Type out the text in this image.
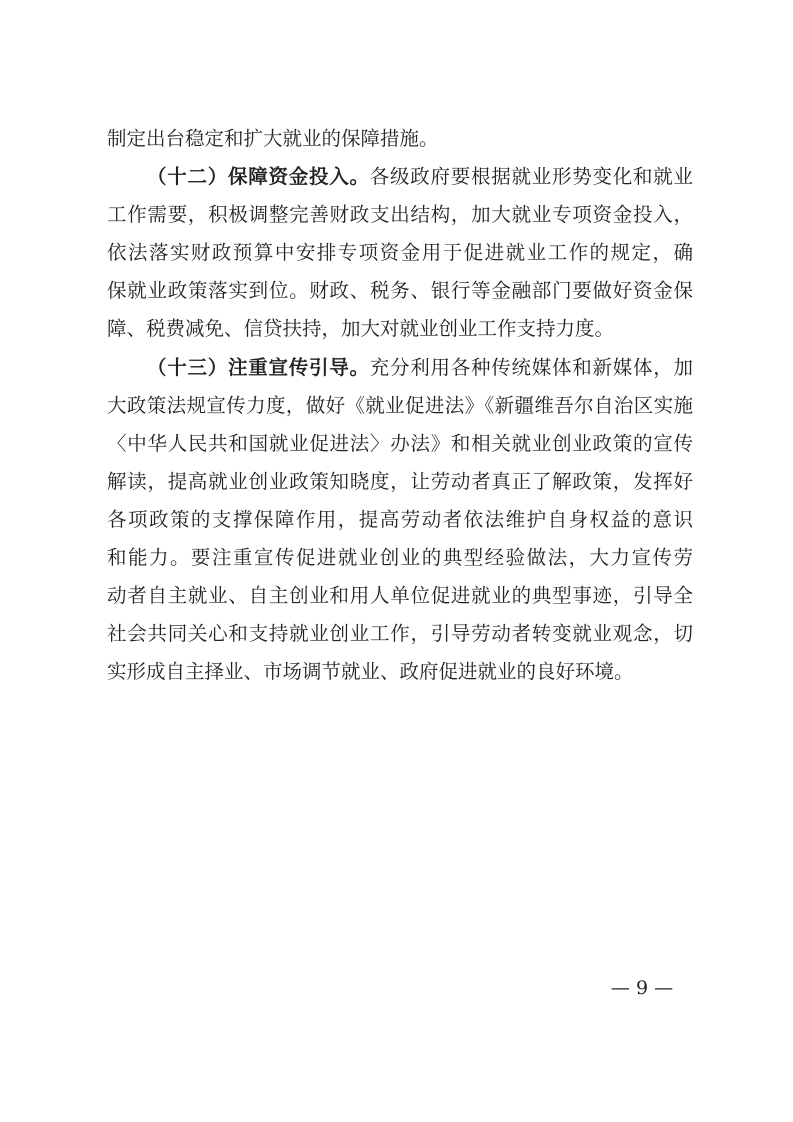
制定出台稳定和扩大就业的保障措施。
（十二）保障资金投入。各级政府要根据就业形势变化和就业
工作需要，积极调整完善财政支出结构，加大就业专项资金投入，
依法落实财政预算中安排专项资金用于促进就业工作的规定，确
保就业政策落实到位。财政、税务、银行等金融部门要做好资金保
障、税费减免、信贷扶持，加大对就业创业工作支持力度。
（十三）注重宣传引导。充分利用各种传统媒体和新媒体，加
大政策法规宣传力度，做好《就业促进法》《新疆维吾尔自治区实施
〈中华人民共和国就业促进法〉办法》和相关就业创业政策的宣传
解读，提高就业创业政策知晓度，让劳动者真正了解政策，发挥好
各项政策的支撑保障作用，提高劳动者依法维护自身权益的意识
和能力。要注重宣传促进就业创业的典型经验做法，大力宣传劳
动者自主就业、自主创业和用人单位促进就业的典型事迹，引导全
社会共同关心和支持就业创业工作，引导劳动者转变就业观念，切
实形成自主择业、市场调节就业、政府促进就业的良好环境。
— 9 —
